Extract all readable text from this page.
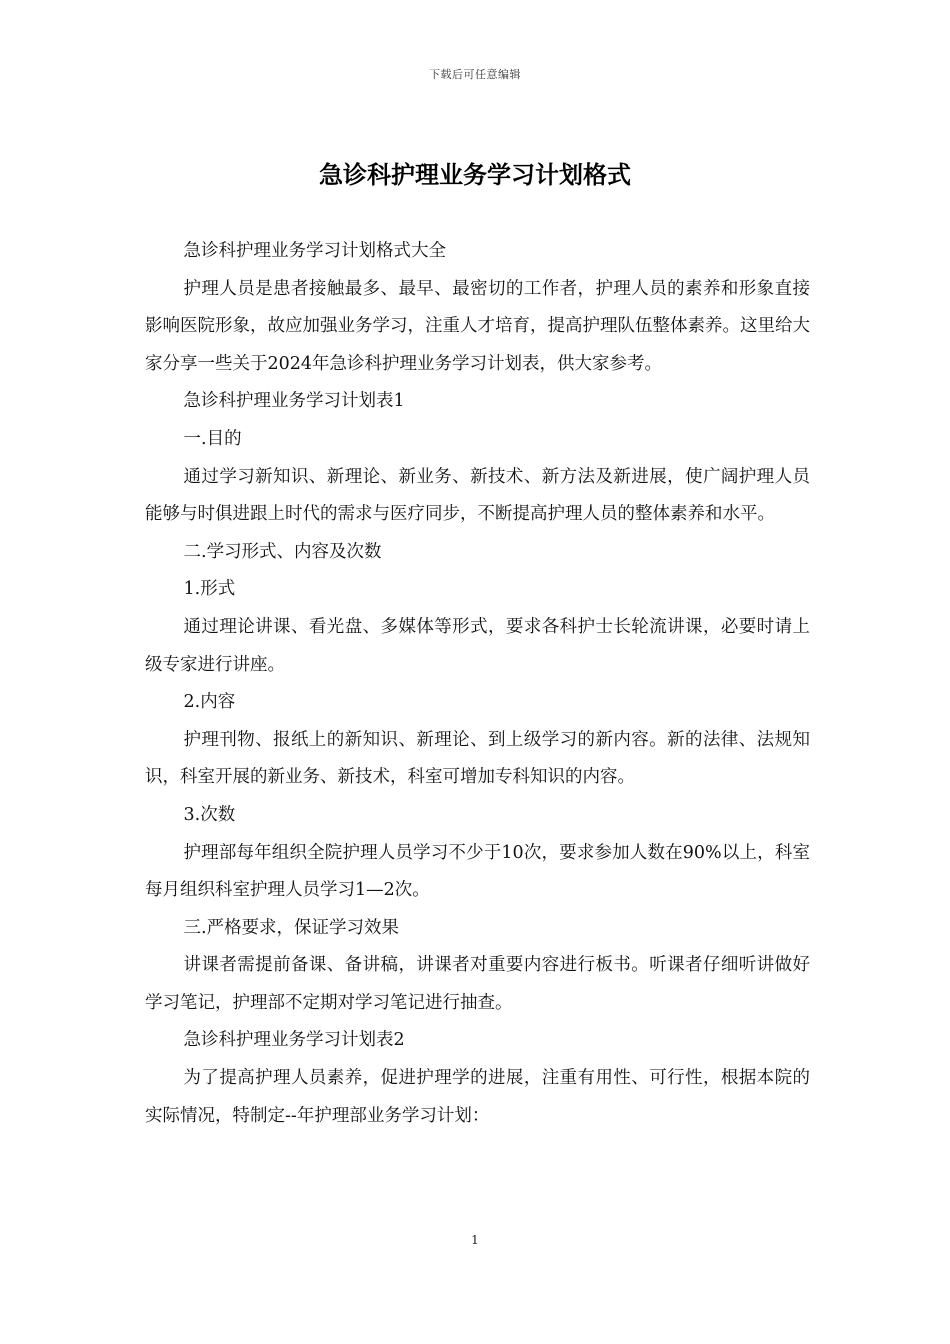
下载后可任意编辑
急诊科护理业务学习计划格式

急诊科护理业务学习计划格式大全

护理人员是患者接触最多、最早、最密切的工作者，护理人员的素养和形象直接影响医院形象，故应加强业务学习，注重人才培育，提高护理队伍整体素养。这里给大家分享一些关于2024年急诊科护理业务学习计划表，供大家参考。

急诊科护理业务学习计划表1

一.目的

通过学习新知识、新理论、新业务、新技术、新方法及新进展，使广阔护理人员能够与时俱进跟上时代的需求与医疗同步，不断提高护理人员的整体素养和水平。

二.学习形式、内容及次数

1.形式

通过理论讲课、看光盘、多媒体等形式，要求各科护士长轮流讲课，必要时请上级专家进行讲座。

2.内容

护理刊物、报纸上的新知识、新理论、到上级学习的新内容。新的法律、法规知识，科室开展的新业务、新技术，科室可增加专科知识的内容。

3.次数

护理部每年组织全院护理人员学习不少于10次，要求参加人数在90%以上，科室每月组织科室护理人员学习1—2次。

三.严格要求，保证学习效果

讲课者需提前备课、备讲稿，讲课者对重要内容进行板书。听课者仔细听讲做好学习笔记，护理部不定期对学习笔记进行抽查。

急诊科护理业务学习计划表2

为了提高护理人员素养，促进护理学的进展，注重有用性、可行性，根据本院的实际情况，特制定--年护理部业务学习计划：

1
